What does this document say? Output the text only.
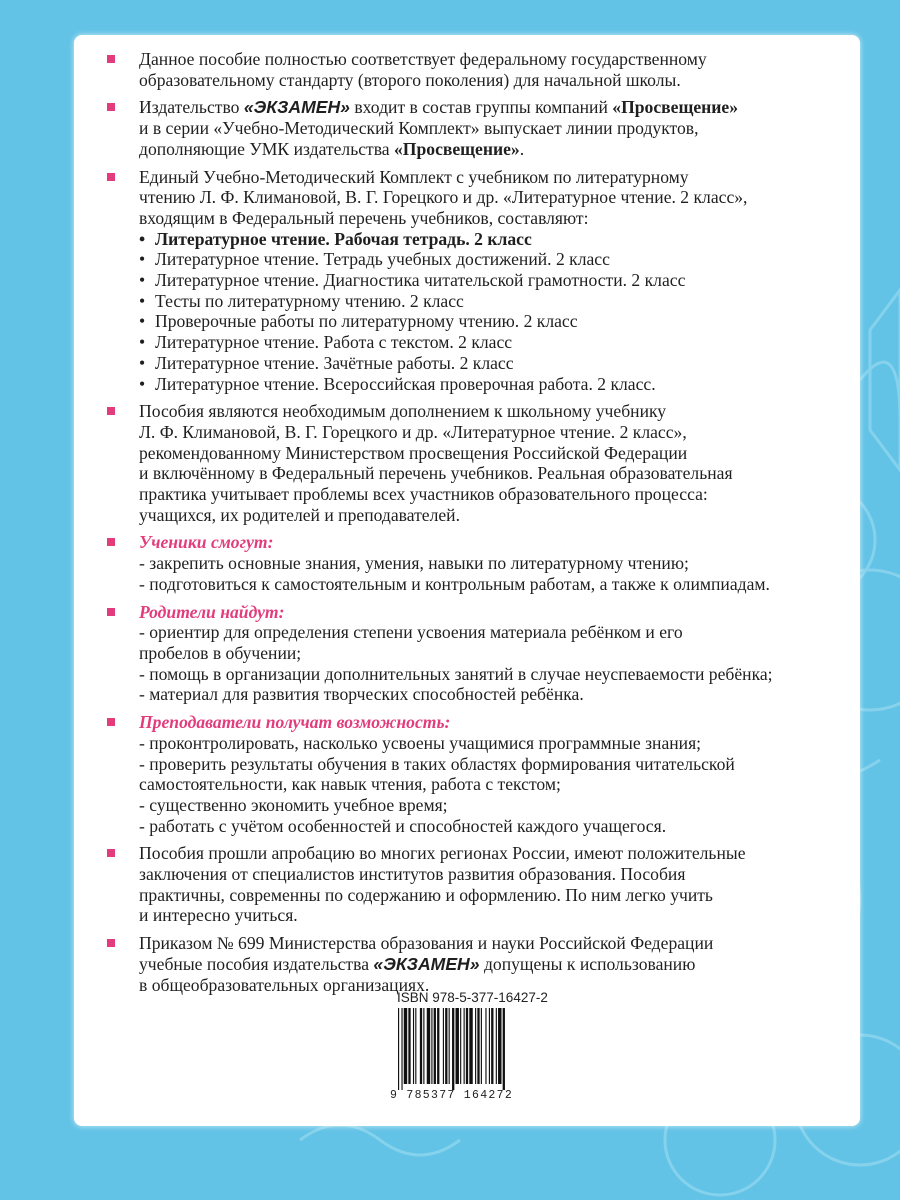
Данное пособие полностью соответствует федеральному государственному
образовательному стандарту (второго поколения) для начальной школы.
Издательство «ЭКЗАМЕН» входит в состав группы компаний «Просвещение»
и в серии «Учебно-Методический Комплект» выпускает линии продуктов,
дополняющие УМК издательства «Просвещение».
Единый Учебно-Методический Комплект с учебником по литературному
чтению Л. Ф. Климановой, В. Г. Горецкого и др. «Литературное чтение. 2 класс»,
входящим в Федеральный перечень учебников, составляют:
• Литературное чтение. Рабочая тетрадь. 2 класс
• Литературное чтение. Тетрадь учебных достижений. 2 класс
• Литературное чтение. Диагностика читательской грамотности. 2 класс
• Тесты по литературному чтению. 2 класс
• Проверочные работы по литературному чтению. 2 класс
• Литературное чтение. Работа с текстом. 2 класс
• Литературное чтение. Зачётные работы. 2 класс
• Литературное чтение. Всероссийская проверочная работа. 2 класс.
Пособия являются необходимым дополнением к школьному учебнику
Л. Ф. Климановой, В. Г. Горецкого и др. «Литературное чтение. 2 класс»,
рекомендованному Министерством просвещения Российской Федерации
и включённому в Федеральный перечень учебников. Реальная образовательная
практика учитывает проблемы всех участников образовательного процесса:
учащихся, их родителей и преподавателей.
Ученики смогут:
- закрепить основные знания, умения, навыки по литературному чтению;
- подготовиться к самостоятельным и контрольным работам, а также к олимпиадам.
Родители найдут:
- ориентир для определения степени усвоения материала ребёнком и его
пробелов в обучении;
- помощь в организации дополнительных занятий в случае неуспеваемости ребёнка;
- материал для развития творческих способностей ребёнка.
Преподаватели получат возможность:
- проконтролировать, насколько усвоены учащимися программные знания;
- проверить результаты обучения в таких областях формирования читательской
самостоятельности, как навык чтения, работа с текстом;
- существенно экономить учебное время;
- работать с учётом особенностей и способностей каждого учащегося.
Пособия прошли апробацию во многих регионах России, имеют положительные
заключения от специалистов институтов развития образования. Пособия
практичны, современны по содержанию и оформлению. По ним легко учить
и интересно учиться.
Приказом № 699 Министерства образования и науки Российской Федерации
учебные пособия издательства «ЭКЗАМЕН» допущены к использованию
в общеобразовательных организациях.
ISBN 978-5-377-16427-2
9 785377 164272
